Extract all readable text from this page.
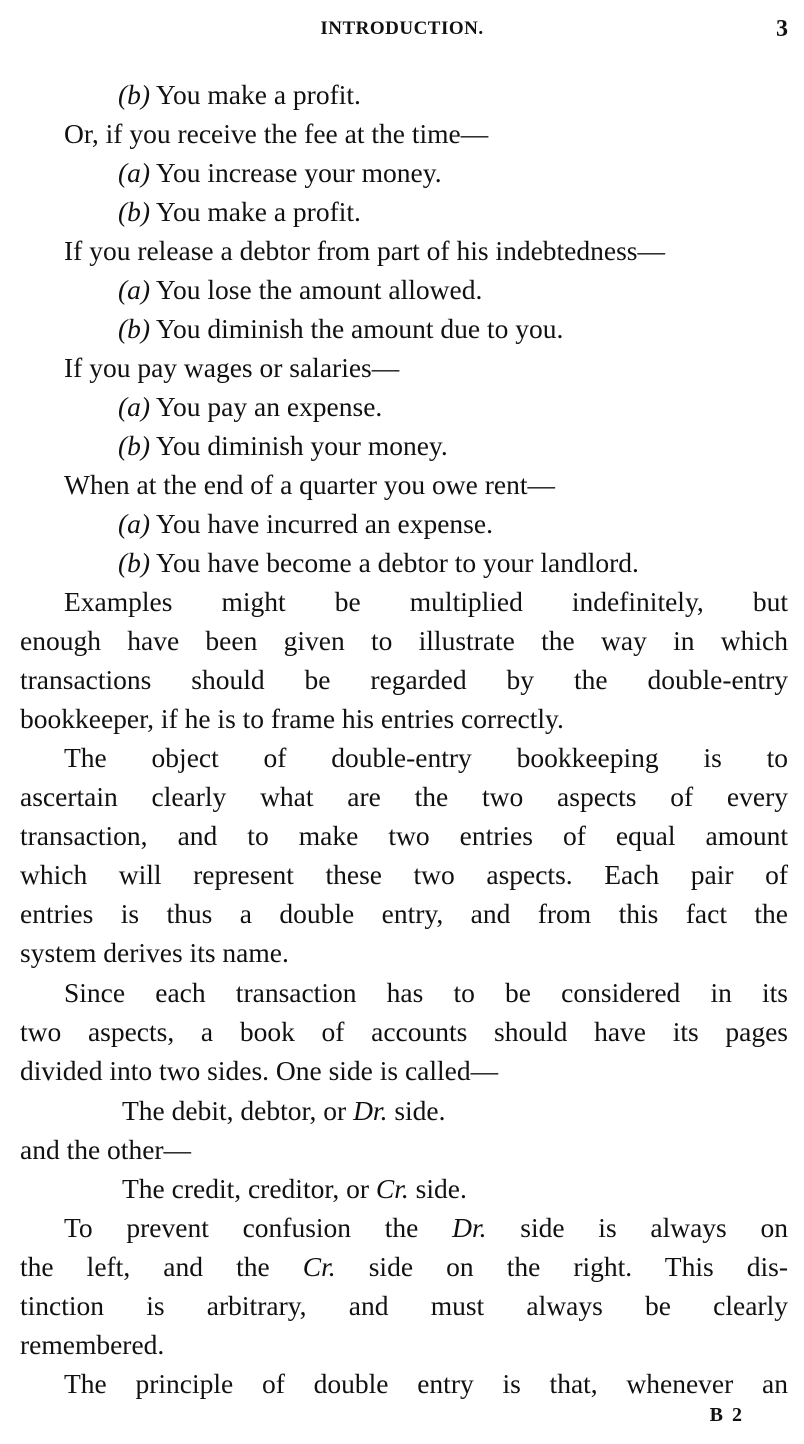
INTRODUCTION.	3
(b) You make a profit.
Or, if you receive the fee at the time—
(a) You increase your money.
(b) You make a profit.
If you release a debtor from part of his indebtedness—
(a) You lose the amount allowed.
(b) You diminish the amount due to you.
If you pay wages or salaries—
(a) You pay an expense.
(b) You diminish your money.
When at the end of a quarter you owe rent—
(a) You have incurred an expense.
(b) You have become a debtor to your landlord.
Examples might be multiplied indefinitely, but
enough have been given to illustrate the way in which
transactions should be regarded by the double-entry
bookkeeper, if he is to frame his entries correctly.
The object of double-entry bookkeeping is to
ascertain clearly what are the two aspects of every
transaction, and to make two entries of equal amount
which will represent these two aspects. Each pair of
entries is thus a double entry, and from this fact the
system derives its name.
Since each transaction has to be considered in its
two aspects, a book of accounts should have its pages
divided into two sides. One side is called—
The debit, debtor, or Dr. side.
and the other—
The credit, creditor, or Cr. side.
To prevent confusion the Dr. side is always on
the left, and the Cr. side on the right. This dis-
tinction is arbitrary, and must always be clearly
remembered.
The principle of double entry is that, whenever an
B 2
